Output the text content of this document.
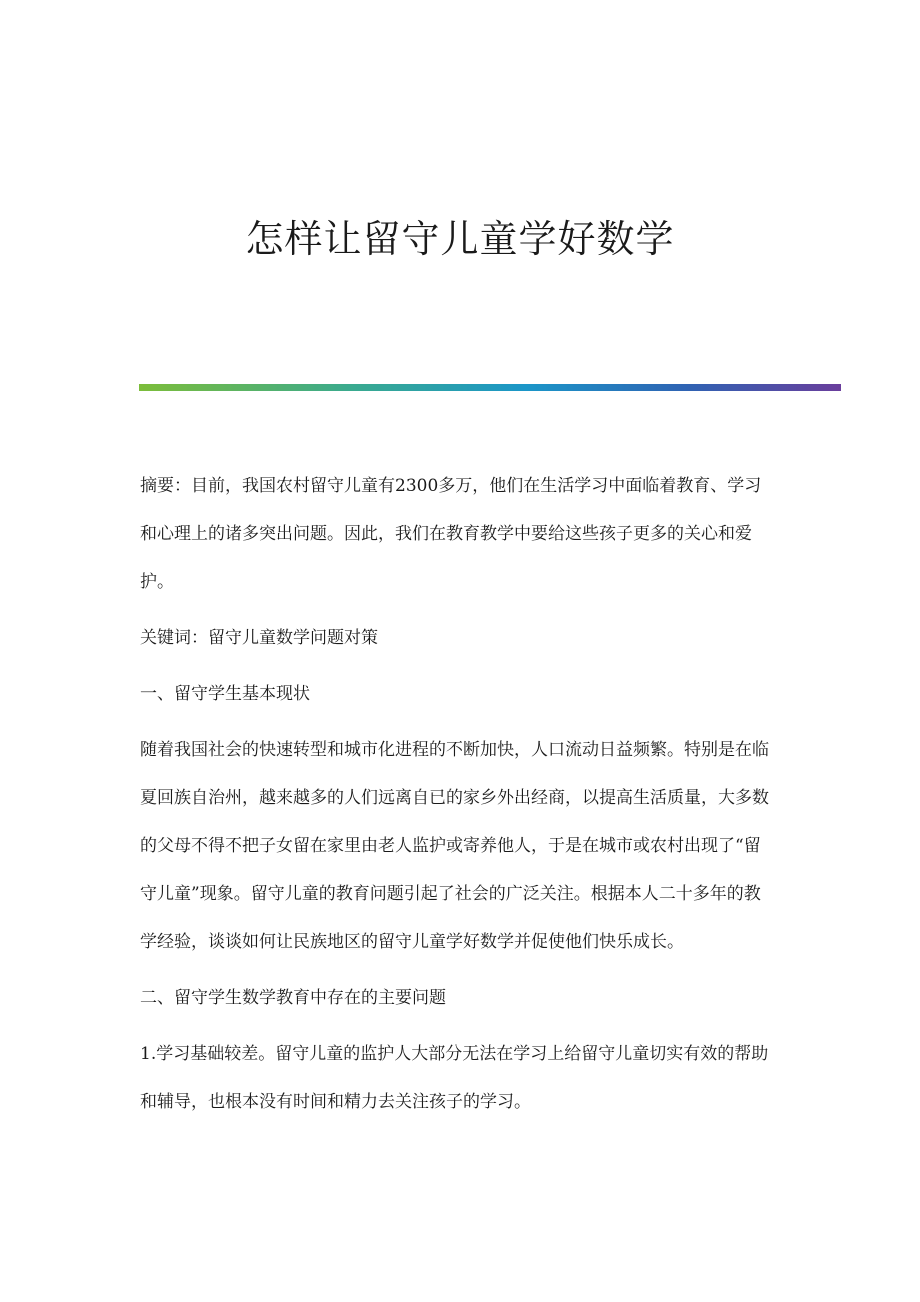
怎样让留守儿童学好数学

摘要：目前，我国农村留守儿童有2300多万，他们在生活学习中面临着教育、学习和心理上的诸多突出问题。因此，我们在教育教学中要给这些孩子更多的关心和爱护。

关键词：留守儿童数学问题对策

一、留守学生基本现状

随着我国社会的快速转型和城市化进程的不断加快，人口流动日益频繁。特别是在临夏回族自治州，越来越多的人们远离自已的家乡外出经商，以提高生活质量，大多数的父母不得不把子女留在家里由老人监护或寄养他人，于是在城市或农村出现了“留守儿童”现象。留守儿童的教育问题引起了社会的广泛关注。根据本人二十多年的教学经验，谈谈如何让民族地区的留守儿童学好数学并促使他们快乐成长。

二、留守学生数学教育中存在的主要问题

1.学习基础较差。留守儿童的监护人大部分无法在学习上给留守儿童切实有效的帮助和辅导，也根本没有时间和精力去关注孩子的学习。
